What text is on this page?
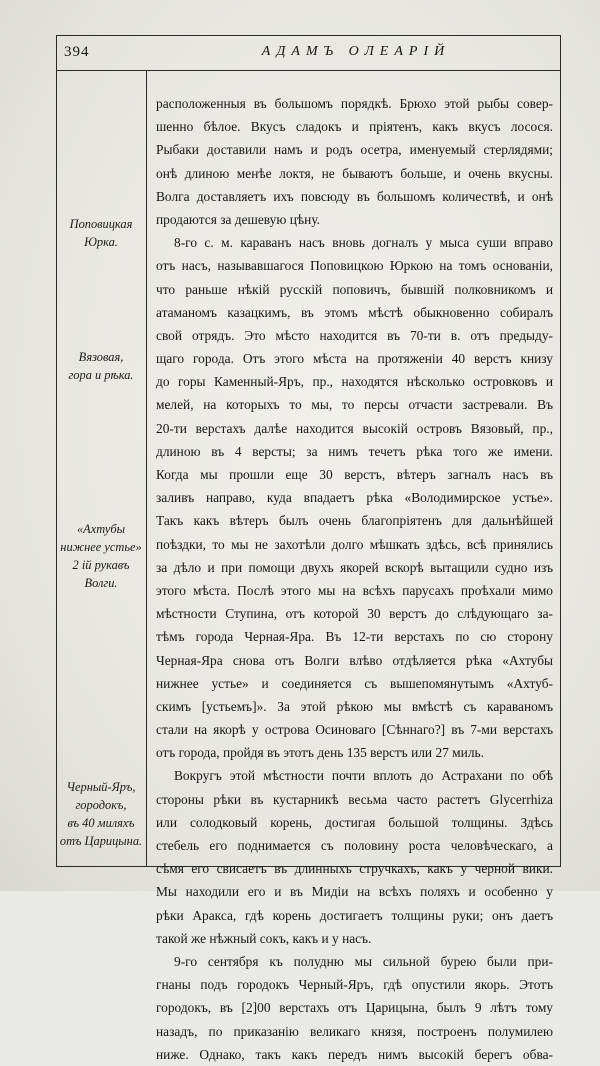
394	АДАМЪ ОЛЕАРІЙ
Поповицкая
Юрка.
Вязовая,
гора и рѣка.
«Ахтубы
нижнее устье»
2 ій рукавъ
Волги.
Черный-Яръ,
городокъ,
въ 40 миляхъ
отъ Царицына.
расположенныя въ большомъ порядкѣ. Брюхо этой рыбы совер-
шенно бѣлое. Вкусъ сладокъ и пріятенъ, какъ вкусъ лосося.
Рыбаки доставили намъ и родъ осетра, именуемый стерлядями;
онѣ длиною менѣе локтя, не бываютъ больше, и очень вкусны.
Волга доставляетъ ихъ повсюду въ большомъ количествѣ, и онѣ
продаются за дешевую цѣну.
8-го с. м. караванъ насъ вновь догналъ у мыса суши вправо
отъ насъ, называвшагося Поповицкою Юркою на томъ основаніи,
что раньше нѣкій русскій поповичъ, бывшій полковникомъ и
атаманомъ казацкимъ, въ этомъ мѣстѣ обыкновенно собиралъ
свой отрядъ. Это мѣсто находится въ 70-ти в. отъ предыду-
щаго города. Отъ этого мѣста на протяженіи 40 верстъ книзу
до горы Каменный-Яръ, пр., находятся нѣсколько островковъ и
мелей, на которыхъ то мы, то персы отчасти застревали. Въ
20-ти верстахъ далѣе находится высокій островъ Вязовый, пр.,
длиною въ 4 версты; за нимъ течетъ рѣка того же имени.
Когда мы прошли еще 30 верстъ, вѣтеръ загналъ насъ въ
заливъ направо, куда впадаетъ рѣка «Володимирское устье».
Такъ какъ вѣтеръ былъ очень благопріятенъ для дальнѣйшей
поѣздки, то мы не захотѣли долго мѣшкать здѣсь, всѣ принялись
за дѣло и при помощи двухъ якорей вскорѣ вытащили судно изъ
этого мѣста. Послѣ этого мы на всѣхъ парусахъ проѣхали мимо
мѣстности Ступина, отъ которой 30 верстъ до слѣдующаго за-
тѣмъ города Черная-Яра. Въ 12-ти верстахъ по сю сторону
Черная-Яра снова отъ Волги влѣво отдѣляется рѣка «Ахтубы
нижнее устье» и соединяется съ вышепомянутымъ «Ахтуб-
скимъ [устьемъ]». За этой рѣкою мы вмѣстѣ съ караваномъ
стали на якорѣ у острова Осиноваго [Сѣннаго?] въ 7-ми верстахъ
отъ города, пройдя въ этотъ день 135 верстъ или 27 миль.
Вокругъ этой мѣстности почти вплоть до Астрахани по обѣ
стороны рѣки въ кустарникѣ весьма часто растетъ Glycerrhiza
или солодковый корень, достигая большой толщины. Здѣсь
стебель его поднимается съ половину роста человѣческаго, а
сѣмя его свисаетъ въ длинныхъ стручкахъ, какъ у черной вики.
Мы находили его и въ Мидіи на всѣхъ поляхъ и особенно у
рѣки Аракса, гдѣ корень достигаетъ толщины руки; онъ даетъ
такой же нѣжный сокъ, какъ и у насъ.
9-го сентября къ полудню мы сильной бурею были при-
гнаны подъ городокъ Черный-Яръ, гдѣ опустили якорь. Этотъ
городокъ, въ [2]00 верстахъ отъ Царицына, былъ 9 лѣтъ тому
назадъ, по приказанію великаго князя, построенъ полумилею
ниже. Однако, такъ какъ передъ нимъ высокій берегъ обва-
